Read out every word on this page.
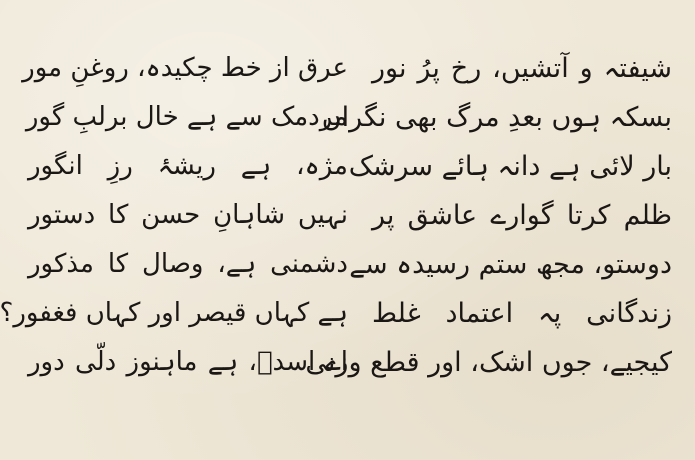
شیفتہ و آتشیں، رخ پرُ نور
بسکہ ہوں بعدِ مرگ بھی نگراں
بار لائی ہے دانہ ہائے سرشک
ظلم کرتا گوارے عاشق پر
دوستو، مجھ ستم رسیدہ سے
زندگانی پہ اعتماد غلط
کیجیے، جوں اشک، اور قطع وزنی
عرق از خط چکیدہ، روغنِ مور
مردمک سے ہے خال برلبِ گور
مژہ، ہے ریشۂ رزِ انگور
نہیں شاہانِ حسن کا دستور
دشمنی ہے، وصال کا مذکور
ہے کہاں قیصر اور کہاں فغفور؟
اے اسدؔ، ہے ماہنوز دلّی دور
